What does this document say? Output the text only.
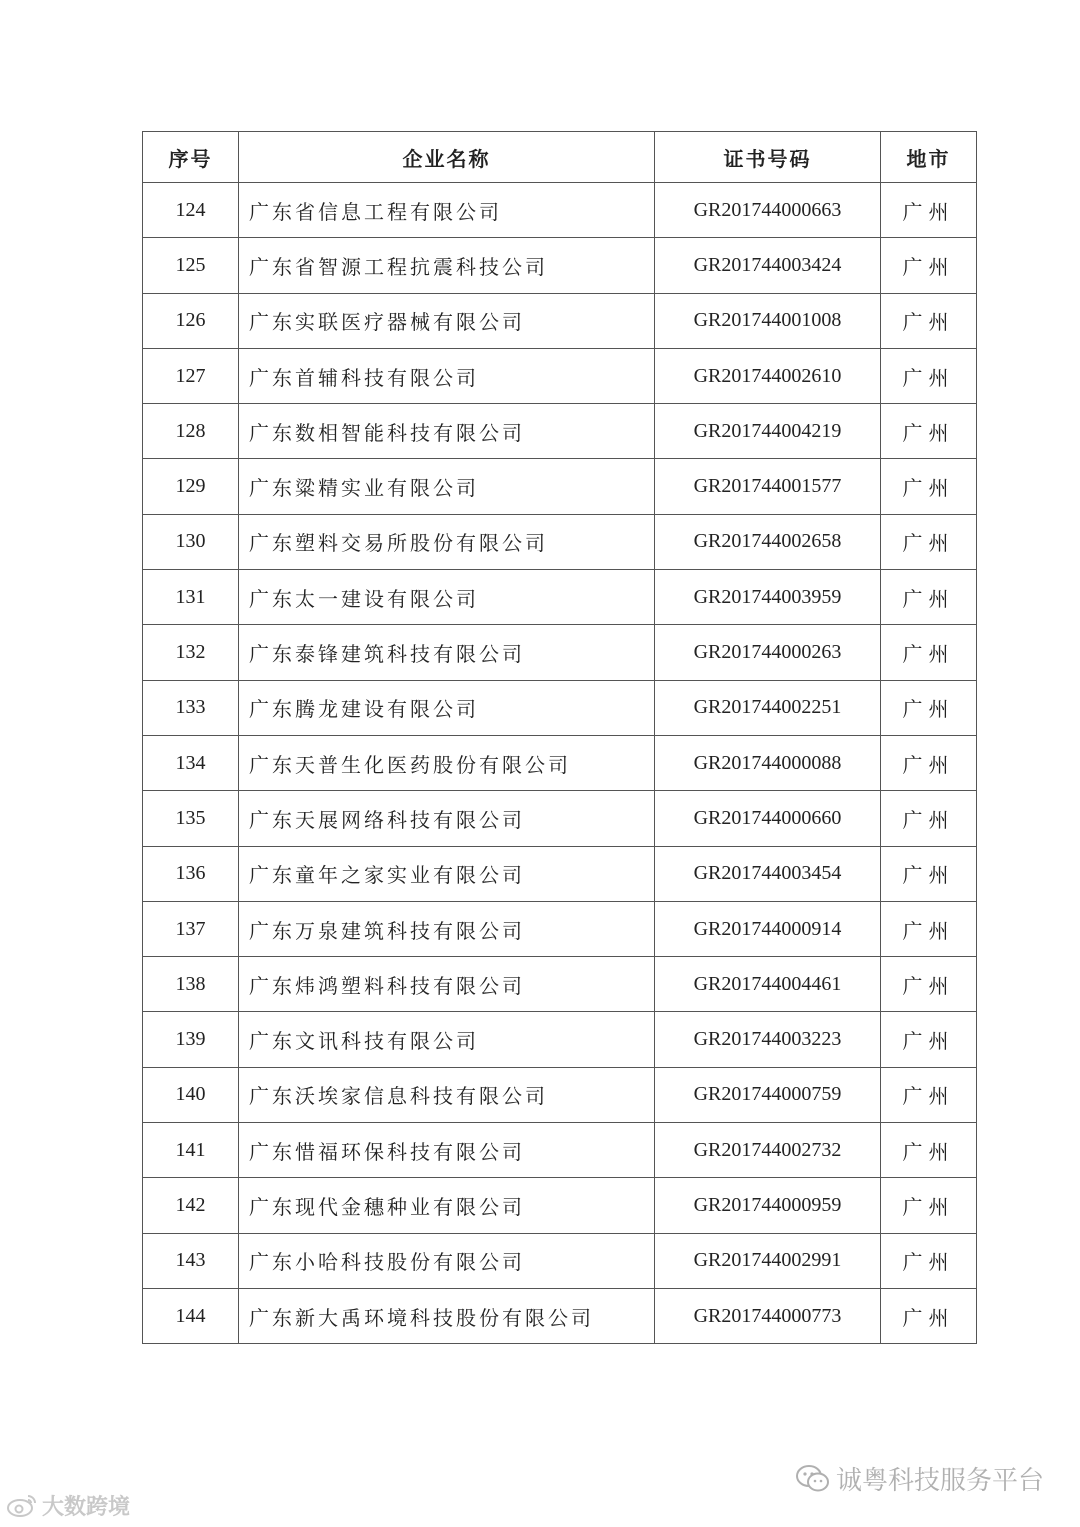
序号	企业名称	证书号码	地市
124	广东省信息工程有限公司	GR201744000663	广州
125	广东省智源工程抗震科技公司	GR201744003424	广州
126	广东实联医疗器械有限公司	GR201744001008	广州
127	广东首辅科技有限公司	GR201744002610	广州
128	广东数相智能科技有限公司	GR201744004219	广州
129	广东粱精实业有限公司	GR201744001577	广州
130	广东塑料交易所股份有限公司	GR201744002658	广州
131	广东太一建设有限公司	GR201744003959	广州
132	广东泰锋建筑科技有限公司	GR201744000263	广州
133	广东腾龙建设有限公司	GR201744002251	广州
134	广东天普生化医药股份有限公司	GR201744000088	广州
135	广东天展网络科技有限公司	GR201744000660	广州
136	广东童年之家实业有限公司	GR201744003454	广州
137	广东万泉建筑科技有限公司	GR201744000914	广州
138	广东炜鸿塑料科技有限公司	GR201744004461	广州
139	广东文讯科技有限公司	GR201744003223	广州
140	广东沃埃家信息科技有限公司	GR201744000759	广州
141	广东惜福环保科技有限公司	GR201744002732	广州
142	广东现代金穗种业有限公司	GR201744000959	广州
143	广东小哈科技股份有限公司	GR201744002991	广州
144	广东新大禹环境科技股份有限公司	GR201744000773	广州
诚粤科技服务平台
大数跨境
